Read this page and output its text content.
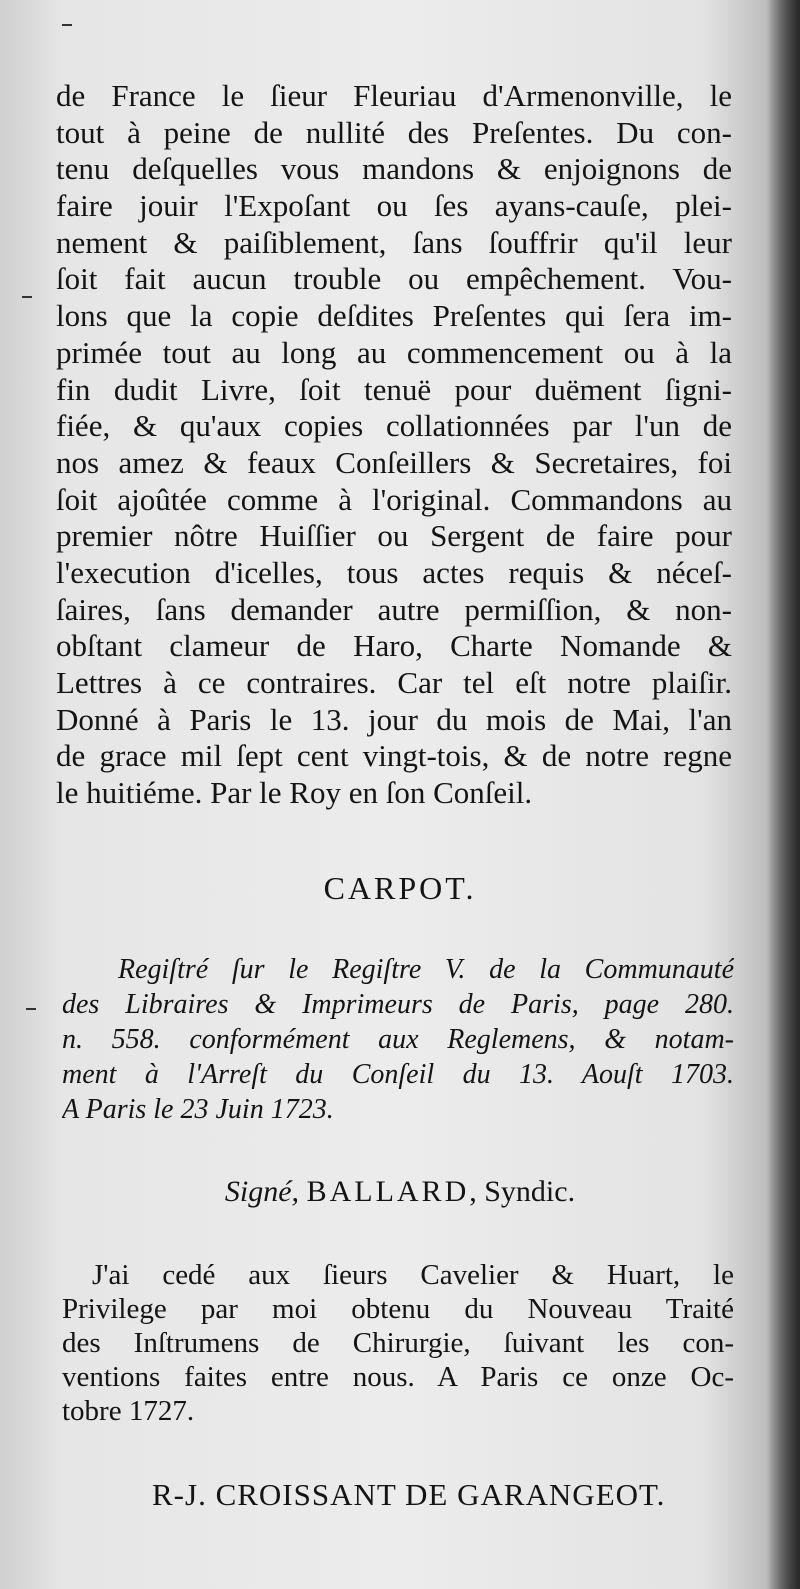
de France le ſieur Fleuriau d'Armenonville, le
tout à peine de nullité des Preſentes. Du con-
tenu deſquelles vous mandons & enjoignons de
faire jouir l'Expoſant ou ſes ayans-cauſe, plei-
nement & paiſiblement, ſans ſouffrir qu'il leur
ſoit fait aucun trouble ou empêchement. Vou-
lons que la copie deſdites Preſentes qui ſera im-
primée tout au long au commencement ou à la
fin dudit Livre, ſoit tenuë pour duëment ſigni-
fiée, & qu'aux copies collationnées par l'un de
nos amez & feaux Conſeillers & Secretaires, foi
ſoit ajoûtée comme à l'original. Commandons au
premier nôtre Huiſſier ou Sergent de faire pour
l'execution d'icelles, tous actes requis & néceſ-
ſaires, ſans demander autre permiſſion, & non-
obſtant clameur de Haro, Charte Nomande &
Lettres à ce contraires. Car tel eſt notre plaiſir.
Donné à Paris le 13. jour du mois de Mai, l'an
de grace mil ſept cent vingt-tois, & de notre regne
le huitiéme. Par le Roy en ſon Conſeil.
CARPOT.
Regiſtré ſur le Regiſtre V. de la Communauté
des Libraires & Imprimeurs de Paris, page 280.
n. 558. conformément aux Reglemens, & notam-
ment à l'Arreſt du Conſeil du 13. Aouſt 1703.
A Paris le 23 Juin 1723.
Signé, BALLARD, Syndic.
J'ai cedé aux ſieurs Cavelier & Huart, le
Privilege par moi obtenu du Nouveau Traité
des Inſtrumens de Chirurgie, ſuivant les con-
ventions faites entre nous. A Paris ce onze Oc-
tobre 1727.
R-J. CROISSANT DE GARANGEOT.
